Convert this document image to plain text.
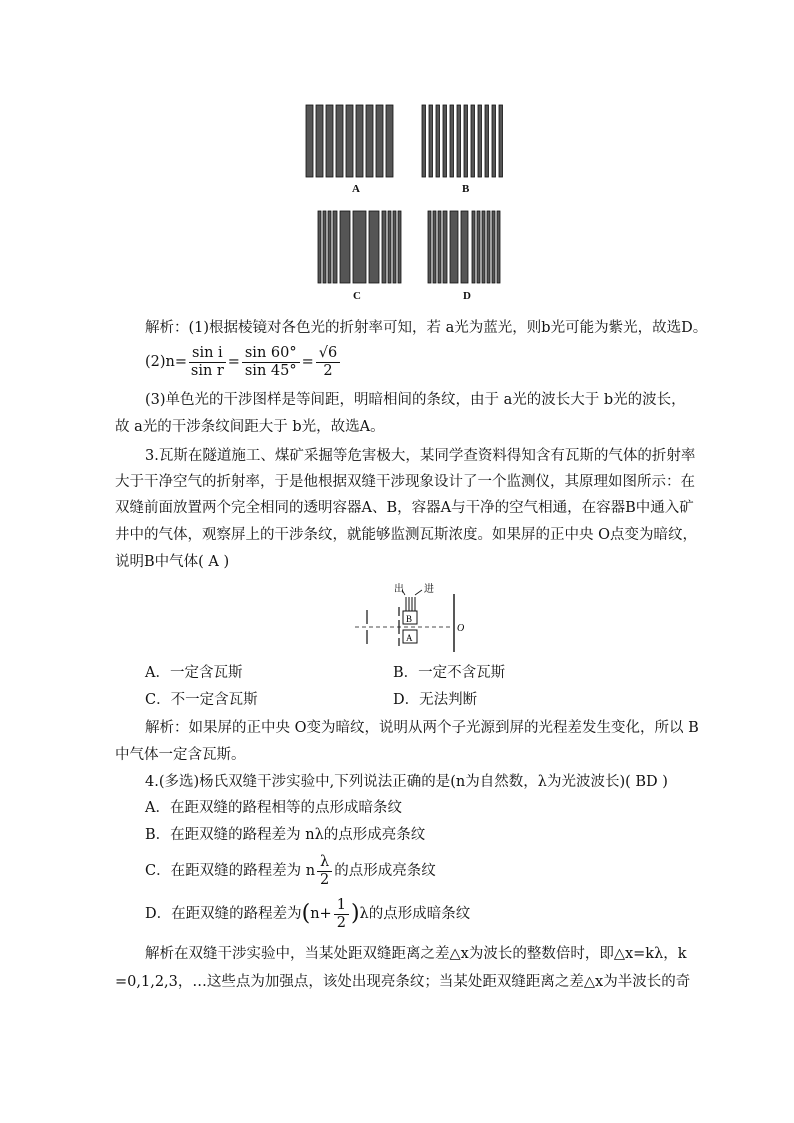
A	B
C	D
解析：(1)根据棱镜对各色光的折射率可知，若 a光为蓝光，则b光可能为紫光，故选D。
$(2)n= \frac{\text{sin i}}{\text{sin r}} = \frac{\sin 60^\circ}{\sin 45^\circ} = \frac{√6}{2}$
(3)单色光的干涉图样是等间距，明暗相间的条纹，由于 a光的波长大于 b光的波长，
故 a光的干涉条纹间距大于 b光，故选A。
3.瓦斯在隧道施工、煤矿采掘等危害极大，某同学查资料得知含有瓦斯的气体的折射率
大于干净空气的折射率，于是他根据双缝干涉现象设计了一个监测仪，其原理如图所示：在
双缝前面放置两个完全相同的透明容器A、B，容器A与干净的空气相通，在容器B中通入矿
井中的气体，观察屏上的干涉条纹，就能够监测瓦斯浓度。如果屏的正中央 O点变为暗纹，
说明B中气体( A )
出 进
B
A
O
A．一定含瓦斯	B．一定不含瓦斯
C．不一定含瓦斯	D．无法判断
解析：如果屏的正中央 O变为暗纹，说明从两个子光源到屏的光程差发生变化，所以 B
中气体一定含瓦斯。
4.(多选)杨氏双缝干涉实验中,下列说法正确的是(n为自然数，λ为光波波长)( BD )
A．在距双缝的路程相等的点形成暗条纹
B．在距双缝的路程差为 nλ的点形成亮条纹
C．在距双缝的路程差为 n $\frac{\lambda}{2}$ 的点形成亮条纹
D．在距双缝的路程差为$(n+ \frac{1}{2} )\lambda$的点形成暗条纹
解析在双缝干涉实验中，当某处距双缝距离之差△x为波长的整数倍时，即△x=kλ，k
=0,1,2,3，…这些点为加强点，该处出现亮条纹；当某处距双缝距离之差△x为半波长的奇
